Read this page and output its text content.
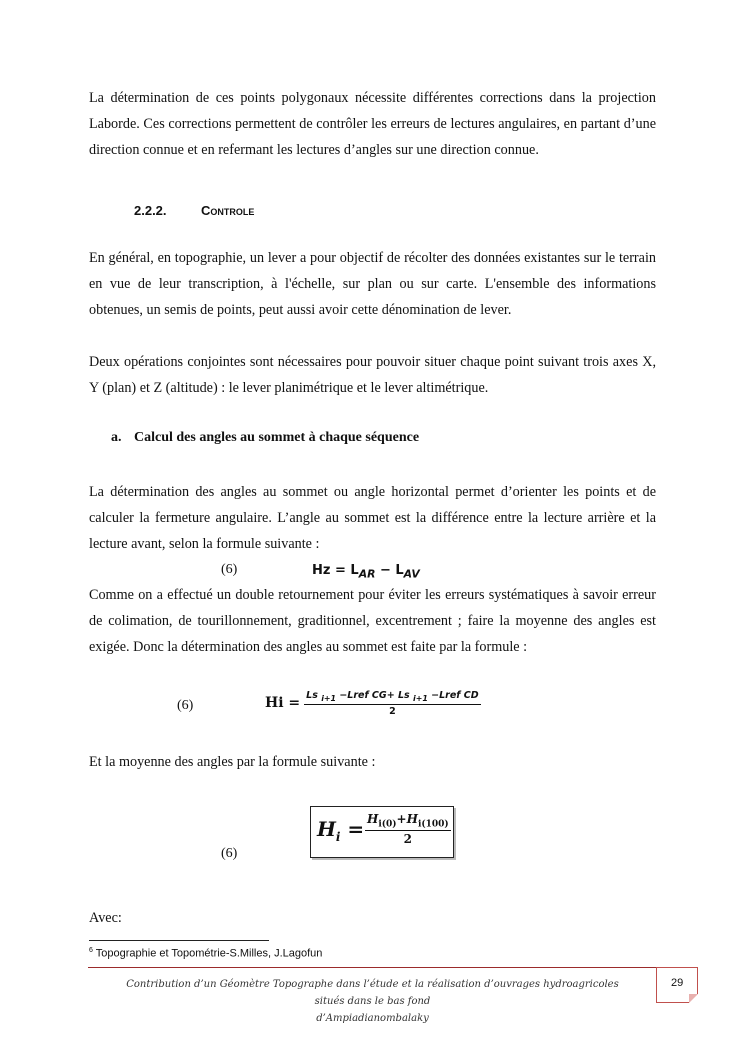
La détermination de ces points polygonaux nécessite différentes corrections dans la projection Laborde. Ces corrections permettent de contrôler les erreurs de lectures angulaires, en partant d’une direction connue et en refermant les lectures d’angles sur une direction connue.

2.2.2.	Controle

En général, en topographie, un lever a pour objectif de récolter des données existantes sur le terrain en vue de leur transcription, à l'échelle, sur plan ou sur carte. L'ensemble des informations obtenues, un semis de points, peut aussi avoir cette dénomination de lever.

Deux opérations conjointes sont nécessaires pour pouvoir situer chaque point suivant trois axes X, Y (plan) et Z (altitude) : le lever planimétrique et le lever altimétrique.

a. Calcul des angles au sommet à chaque séquence

La détermination des angles au sommet ou angle horizontal permet d’orienter les points et de calculer la fermeture angulaire. L’angle au sommet est la différence entre la lecture arrière et la lecture avant, selon la formule suivante :

(6)	$Hz = L_{AR} - L_{AV}$

Comme on a effectué un double retournement pour éviter les erreurs systématiques à savoir erreur de colimation, de tourillonnement, graditionnel, excentrement ; faire la moyenne des angles est exigée. Donc la détermination des angles au sommet est faite par la formule :

(6)	$Hi = \frac{Ls _{i+1} -Lref CG+ Ls _{i+1} -Lref CD}{2}$

Et la moyenne des angles par la formule suivante :

$H_i = \frac{H_{i(0)}+H_{i(100)}}{2}$
(6)

Avec:

$^6$ Topographie et Topométrie-S.Milles, J.Lagofun
Contribution d’un Géomètre Topographe dans l’étude et la réalisation d’ouvrages hydroagricoles situés dans le bas fond
d’Ampiadianombalaky
29
